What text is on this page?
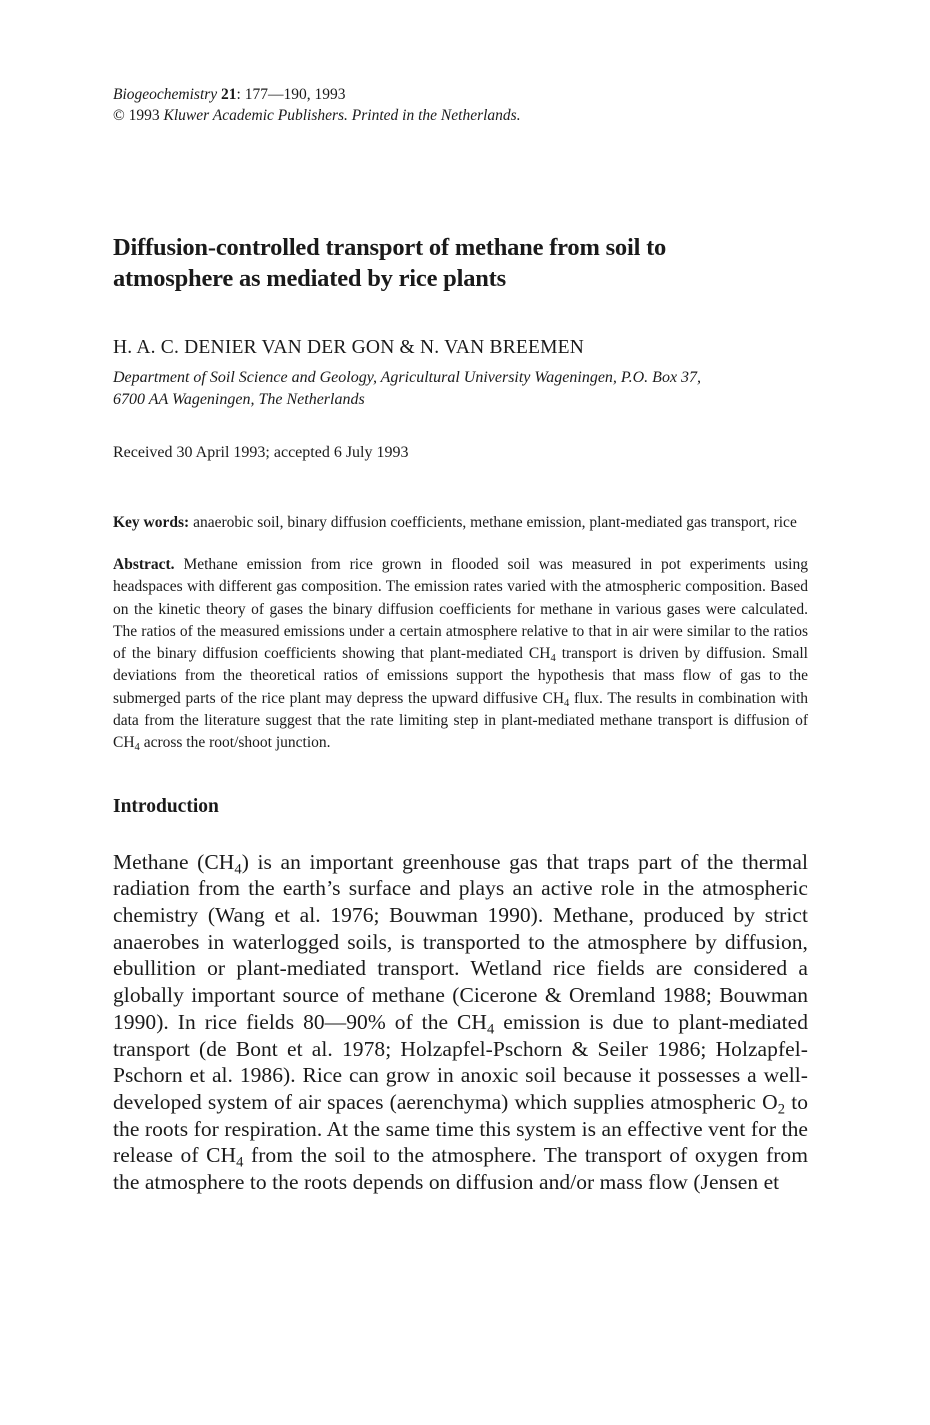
Biogeochemistry 21: 177—190, 1993
© 1993 Kluwer Academic Publishers. Printed in the Netherlands.
Diffusion-controlled transport of methane from soil to
atmosphere as mediated by rice plants
H. A. C. DENIER VAN DER GON & N. VAN BREEMEN
Department of Soil Science and Geology, Agricultural University Wageningen, P.O. Box 37,
6700 AA Wageningen, The Netherlands
Received 30 April 1993; accepted 6 July 1993
Key words: anaerobic soil, binary diffusion coefficients, methane emission, plant-mediated gas transport, rice
Abstract. Methane emission from rice grown in flooded soil was measured in pot experiments using headspaces with different gas composition. The emission rates varied with the atmospheric composition. Based on the kinetic theory of gases the binary diffusion coefficients for methane in various gases were calculated. The ratios of the measured emissions under a certain atmosphere relative to that in air were similar to the ratios of the binary diffusion coefficients showing that plant-mediated $CH_4$ transport is driven by diffusion. Small deviations from the theoretical ratios of emissions support the hypothesis that mass flow of gas to the submerged parts of the rice plant may depress the upward diffusive $CH_4$ flux. The results in combination with data from the literature suggest that the rate limiting step in plant-mediated methane transport is diffusion of $CH_4$ across the root/shoot junction.
Introduction
Methane $(CH_4)$ is an important greenhouse gas that traps part of the thermal radiation from the earth’s surface and plays an active role in the atmospheric chemistry (Wang et al. 1976; Bouwman 1990). Methane, produced by strict anaerobes in waterlogged soils, is transported to the atmosphere by diffusion, ebullition or plant-mediated transport. Wetland rice fields are considered a globally important source of methane (Cicerone & Oremland 1988; Bouwman 1990). In rice fields 80—90% of the $CH_4$ emission is due to plant-mediated transport (de Bont et al. 1978; Holzapfel-Pschorn & Seiler 1986; Holzapfel-Pschorn et al. 1986). Rice can grow in anoxic soil because it possesses a well-developed system of air spaces (aerenchyma) which supplies atmospheric $O_2$ to the roots for respiration. At the same time this system is an effective vent for the release of $CH_4$ from the soil to the atmosphere. The transport of oxygen from the atmosphere to the roots depends on diffusion and/or mass flow (Jensen et
